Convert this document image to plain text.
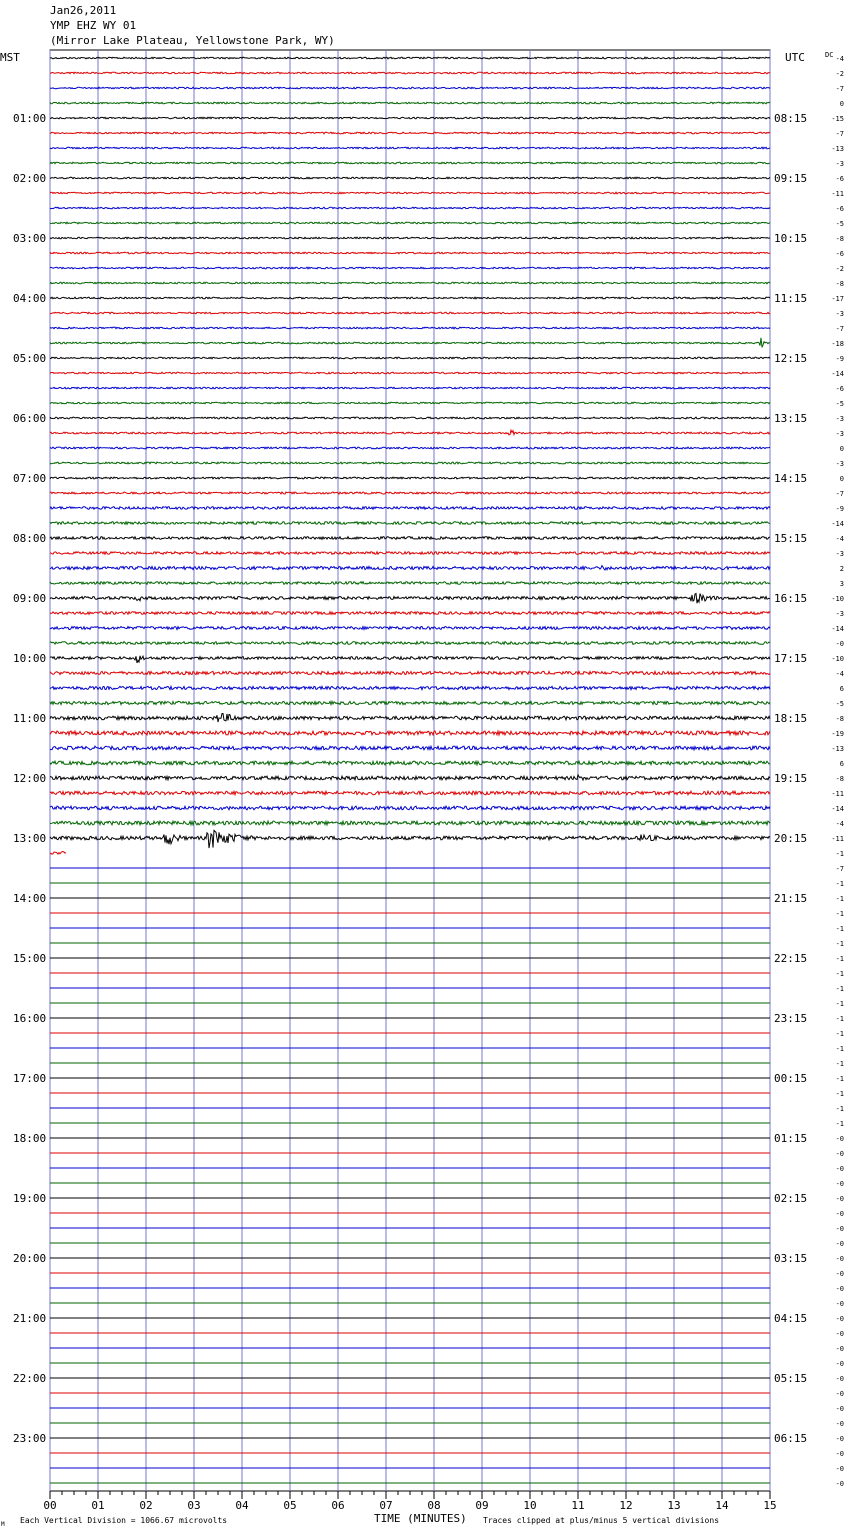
Jan26,2011
YMP EHZ WY 01
(Mirror Lake Plateau, Yellowstone Park, WY)
MST	UTC	DC
TIME (MINUTES)
Each Vertical Division = 1066.67 microvolts	Traces clipped at plus/minus 5 vertical divisions
M
00	01	02	03	04	05	06	07	08	09	10	11	12	13	14	15
01:00	08:15
02:00	09:15
03:00	10:15
04:00	11:15
05:00	12:15
06:00	13:15
07:00	14:15
08:00	15:15
09:00	16:15
10:00	17:15
11:00	18:15
12:00	19:15
13:00	20:15
14:00	21:15
15:00	22:15
16:00	23:15
17:00	00:15
18:00	01:15
19:00	02:15
20:00	03:15
21:00	04:15
22:00	05:15
23:00	06:15
-4
-2
-7
0
-15
-7
-13
-3
-6
-11
-6
-5
-8
-6
-2
-8
-17
-3
-7
-18
-9
-14
-6
-5
-3
-3
0
-3
0
-7
-9
-14
-4
-3
2
3
-10
-3
-14
-0
-10
-4
6
-5
-8
-19
-13
6
-8
-11
-14
-4
-11
-1
-7
-1
-1
-1
-1
-1
-1
-1
-1
-1
-1
-1
-1
-1
-1
-1
-1
-1
-0
-0
-0
-0
-0
-0
-0
-0
-0
-0
-0
-0
-0
-0
-0
-0
-0
-0
-0
-0
-0
-0
-0
-0
